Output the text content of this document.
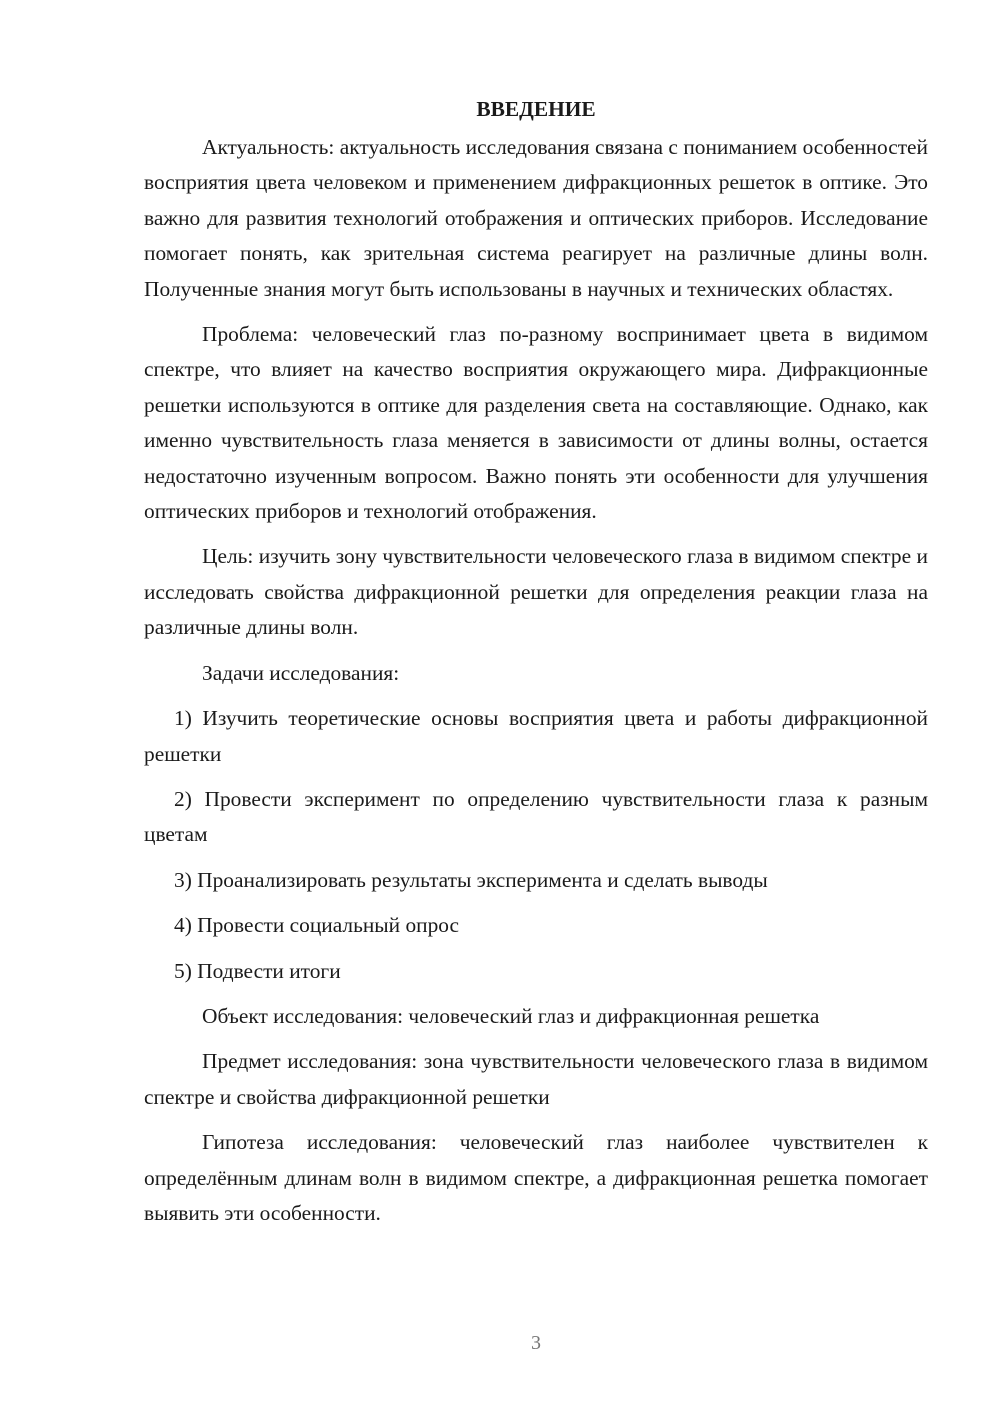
ВВЕДЕНИЕ

Актуальность: актуальность исследования связана с пониманием особенностей восприятия цвета человеком и применением дифракционных решеток в оптике. Это важно для развития технологий отображения и оптических приборов. Исследование помогает понять, как зрительная система реагирует на различные длины волн. Полученные знания могут быть использованы в научных и технических областях.

Проблема: человеческий глаз по-разному воспринимает цвета в видимом спектре, что влияет на качество восприятия окружающего мира. Дифракционные решетки используются в оптике для разделения света на составляющие. Однако, как именно чувствительность глаза меняется в зависимости от длины волны, остается недостаточно изученным вопросом. Важно понять эти особенности для улучшения оптических приборов и технологий отображения.

Цель: изучить зону чувствительности человеческого глаза в видимом спектре и исследовать свойства дифракционной решетки для определения реакции глаза на различные длины волн.

Задачи исследования:

1) Изучить теоретические основы восприятия цвета и работы дифракционной решетки

2) Провести эксперимент по определению чувствительности глаза к разным цветам

3) Проанализировать результаты эксперимента и сделать выводы

4) Провести социальный опрос

5) Подвести итоги

Объект исследования: человеческий глаз и дифракционная решетка

Предмет исследования: зона чувствительности человеческого глаза в видимом спектре и свойства дифракционной решетки

Гипотеза исследования: человеческий глаз наиболее чувствителен к определённым длинам волн в видимом спектре, а дифракционная решетка помогает выявить эти особенности.

3
